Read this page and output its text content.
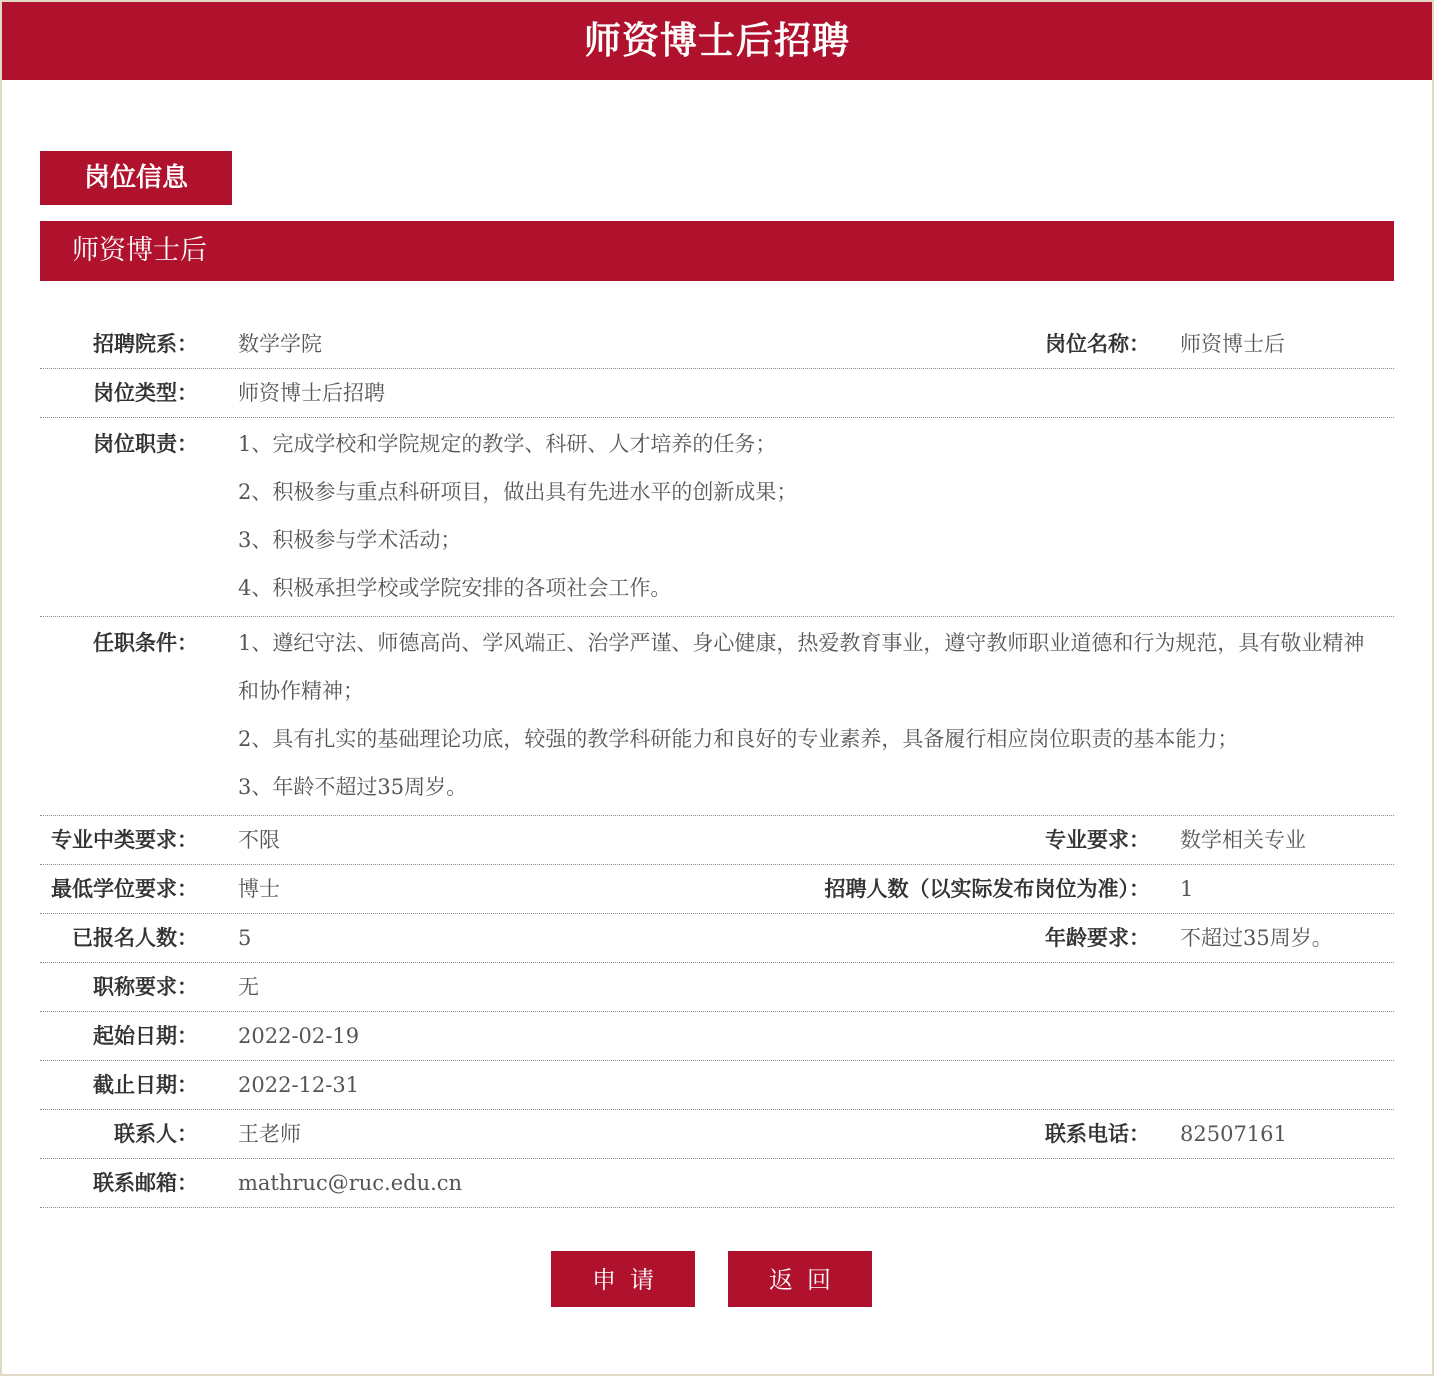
师资博士后招聘
岗位信息
师资博士后
招聘院系：	数学学院	岗位名称：	师资博士后
岗位类型：	师资博士后招聘
岗位职责：	1、完成学校和学院规定的教学、科研、人才培养的任务；
2、积极参与重点科研项目，做出具有先进水平的创新成果；
3、积极参与学术活动；
4、积极承担学校或学院安排的各项社会工作。
任职条件：	1、遵纪守法、师德高尚、学风端正、治学严谨、身心健康，热爱教育事业，遵守教师职业道德和行为规范，具有敬业精神和协作精神；
2、具有扎实的基础理论功底，较强的教学科研能力和良好的专业素养，具备履行相应岗位职责的基本能力；
3、年龄不超过35周岁。
专业中类要求：	不限	专业要求：	数学相关专业
最低学位要求：	博士	招聘人数（以实际发布岗位为准）：	1
已报名人数：	5	年龄要求：	不超过35周岁。
职称要求：	无
起始日期：	2022-02-19
截止日期：	2022-12-31
联系人：	王老师	联系电话：	82507161
联系邮箱：	mathruc@ruc.edu.cn
申请	返回
